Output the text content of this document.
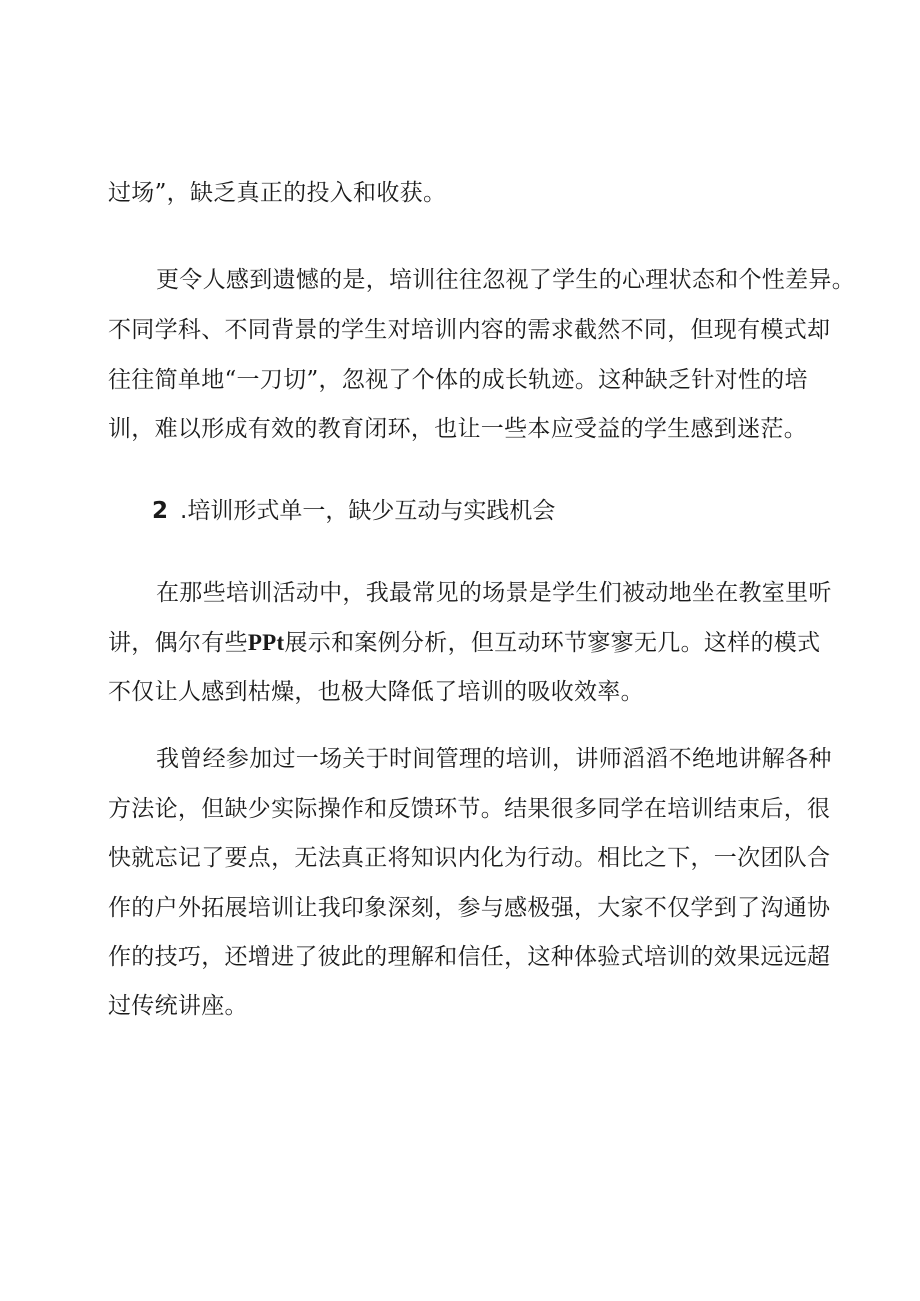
过场”，缺乏真正的投入和收获。
更令人感到遗憾的是，培训往往忽视了学生的心理状态和个性差异。
不同学科、不同背景的学生对培训内容的需求截然不同，但现有模式却
往往简单地“一刀切”，忽视了个体的成长轨迹。这种缺乏针对性的培
训，难以形成有效的教育闭环，也让一些本应受益的学生感到迷茫。
2 .培训形式单一，缺少互动与实践机会
在那些培训活动中，我最常见的场景是学生们被动地坐在教室里听
讲，偶尔有些PPt展示和案例分析，但互动环节寥寥无几。这样的模式
不仅让人感到枯燥，也极大降低了培训的吸收效率。
我曾经参加过一场关于时间管理的培训，讲师滔滔不绝地讲解各种
方法论，但缺少实际操作和反馈环节。结果很多同学在培训结束后，很
快就忘记了要点，无法真正将知识内化为行动。相比之下，一次团队合
作的户外拓展培训让我印象深刻，参与感极强，大家不仅学到了沟通协
作的技巧，还增进了彼此的理解和信任，这种体验式培训的效果远远超
过传统讲座。
